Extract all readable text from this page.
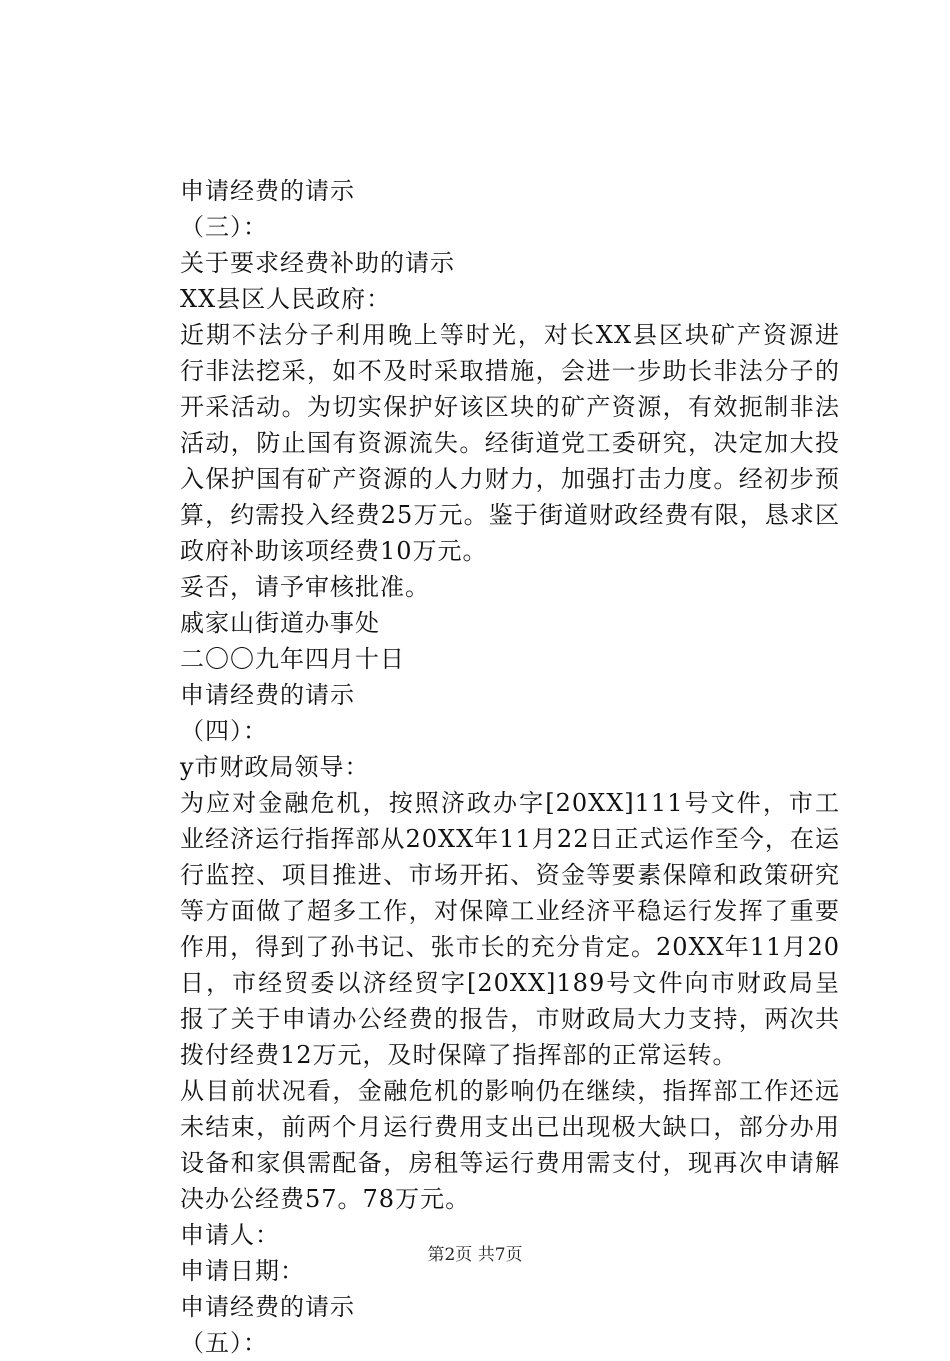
申请经费的请示
（三）：
关于要求经费补助的请示
XX县区人民政府：
近期不法分子利用晚上等时光，对长XX县区块矿产资源进行非法挖采，如不及时采取措施，会进一步助长非法分子的开采活动。为切实保护好该区块的矿产资源，有效扼制非法活动，防止国有资源流失。经街道党工委研究，决定加大投入保护国有矿产资源的人力财力，加强打击力度。经初步预算，约需投入经费25万元。鉴于街道财政经费有限，恳求区政府补助该项经费10万元。
妥否，请予审核批准。
戚家山街道办事处
二〇〇九年四月十日
申请经费的请示
（四）：
y市财政局领导：
为应对金融危机，按照济政办字[20XX]111号文件，市工业经济运行指挥部从20XX年11月22日正式运作至今，在运行监控、项目推进、市场开拓、资金等要素保障和政策研究等方面做了超多工作，对保障工业经济平稳运行发挥了重要作用，得到了孙书记、张市长的充分肯定。20XX年11月20日，市经贸委以济经贸字[20XX]189号文件向市财政局呈报了关于申请办公经费的报告，市财政局大力支持，两次共拨付经费12万元，及时保障了指挥部的正常运转。
从目前状况看，金融危机的影响仍在继续，指挥部工作还远未结束，前两个月运行费用支出已出现极大缺口，部分办用设备和家俱需配备，房租等运行费用需支付，现再次申请解决办公经费57。78万元。
申请人：
申请日期：
申请经费的请示
（五）：
第2页 共7页
